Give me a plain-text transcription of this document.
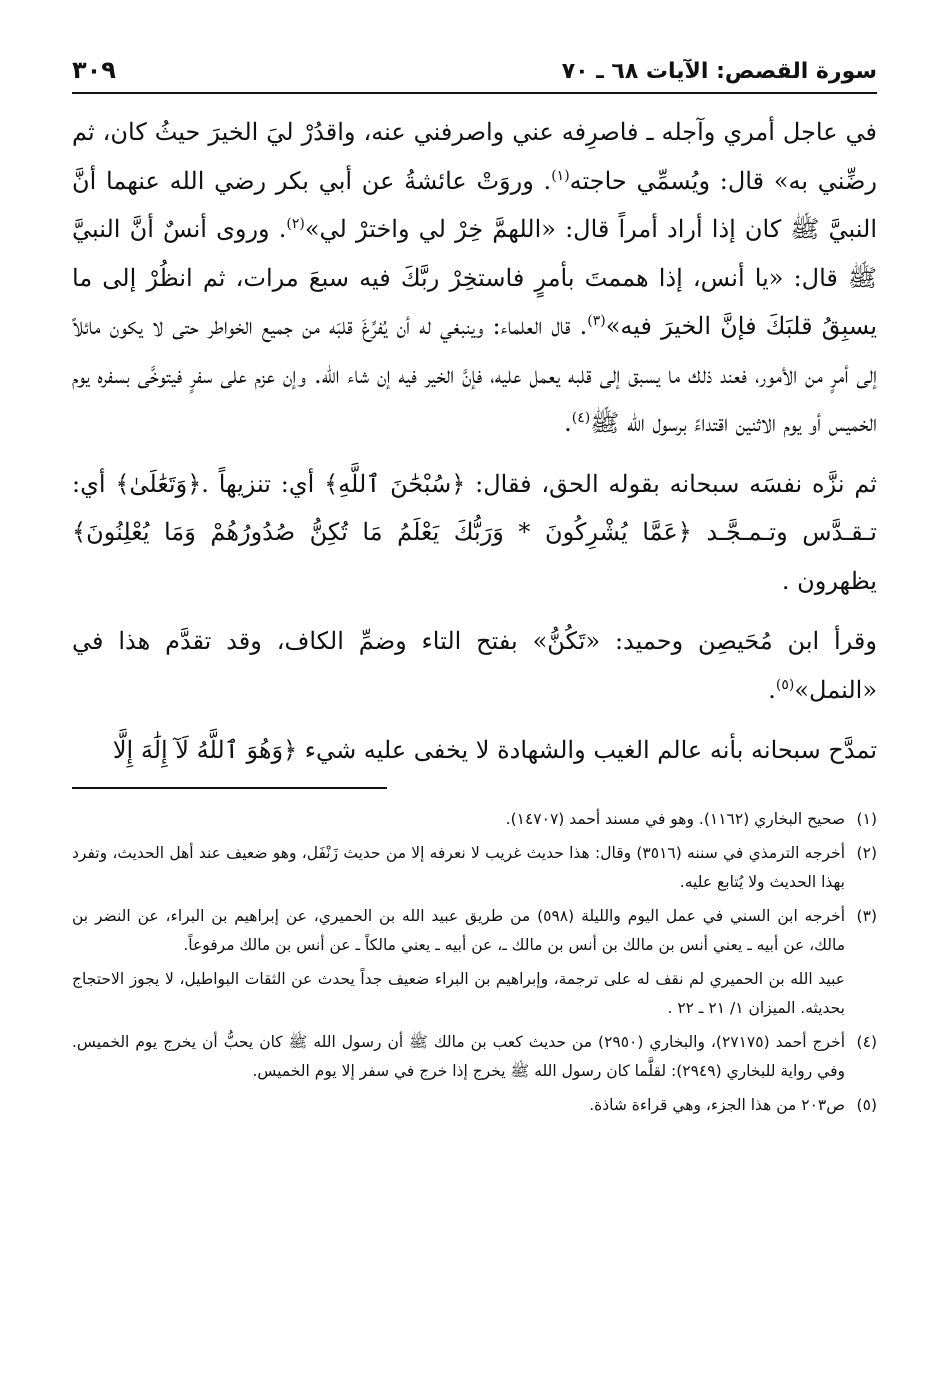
سورة القصص: الآيات ٦٨ ـ ٧٠
٣٠٩

في عاجل أمري وآجله ـ فاصرِفه عني واصرفني عنه، واقدُرْ ليَ الخيرَ حيثُ كان، ثم رضِّني به» قال: ويُسمِّي حاجته$^{(١)}$. وروَتْ عائشةُ عن أبي بكر رضي الله عنهما أنَّ النبيَّ ﷺ كان إذا أراد أمراً قال: «اللهمَّ خِرْ لي واخترْ لي»$^{(٢)}$. وروى أنسٌ أنَّ النبيَّ ﷺ قال: «يا أنس، إذا هممتَ بأمرٍ فاستخِرْ ربَّكَ فيه سبعَ مرات، ثم انظُرْ إلى ما يسبِقُ قلبَكَ فإنَّ الخيرَ فيه»$^{(٣)}$. قال العلماء: وينبغي له أن يُفرِّغَ قلبَه من جميع الخواطر حتى لا يكون مائلاً إلى أمرٍ من الأمور، فعند ذلك ما يسبق إلى قلبه يعمل عليه، فإنَّ الخير فيه إن شاء الله. وإن عزم على سفرٍ فيتوخَّى بسفره يوم الخميس أو يوم الاثنين اقتداءً برسول الله ﷺ$^{(٤)}$.

ثم نزَّه نفسَه سبحانه بقوله الحق، فقال: ﴿سُبْحَٰنَ ٱللَّهِ﴾ أي: تنزيهاً .﴿وَتَعَٰلَىٰ﴾ أي: تـقـدَّس وتـمـجَّـد ﴿عَمَّا يُشْرِكُونَ * وَرَبُّكَ يَعْلَمُ مَا تُكِنُّ صُدُورُهُمْ وَمَا يُعْلِنُونَ﴾ يظهرون .

وقرأ ابن مُحَيصِن وحميد: «تَكُنُّ» بفتح التاء وضمِّ الكاف، وقد تقدَّم هذا في «النمل»$^{(٥)}$.

تمدَّح سبحانه بأنه عالم الغيب والشهادة لا يخفى عليه شيء ﴿وَهُوَ ٱللَّهُ لَآ إِلَٰهَ إِلَّا

(١)
صحيح البخاري (١١٦٢). وهو في مسند أحمد (١٤٧٠٧).

(٢)
أخرجه الترمذي في سننه (٣٥١٦) وقال: هذا حديث غريب لا نعرفه إلا من حديث زَنْفَل، وهو ضعيف عند أهل الحديث، وتفرد بهذا الحديث ولا يُتابع عليه.

(٣)
أخرجه ابن السني في عمل اليوم والليلة (٥٩٨) من طريق عبيد الله بن الحميري، عن إبراهيم بن البراء، عن النضر بن مالك، عن أبيه ـ يعني أنس بن مالك بن أنس بن مالك ـ، عن أبيه ـ يعني مالكاً ـ عن أنس بن مالك مرفوعاً.

عبيد الله بن الحميري لم نقف له على ترجمة، وإبراهيم بن البراء ضعيف جداً يحدث عن الثقات البواطيل، لا يجوز الاحتجاج بحديثه. الميزان ١/ ٢١ ـ ٢٢ .

(٤)
أخرج أحمد (٢٧١٧٥)، والبخاري (٢٩٥٠) من حديث كعب بن مالك ﷺ أن رسول الله ﷺ كان يحبُّ أن يخرج يوم الخميس. وفي رواية للبخاري (٢٩٤٩): لقلَّما كان رسول الله ﷺ يخرج إذا خرج في سفر إلا يوم الخميس.

(٥)
ص٢٠٣ من هذا الجزء، وهي قراءة شاذة.
